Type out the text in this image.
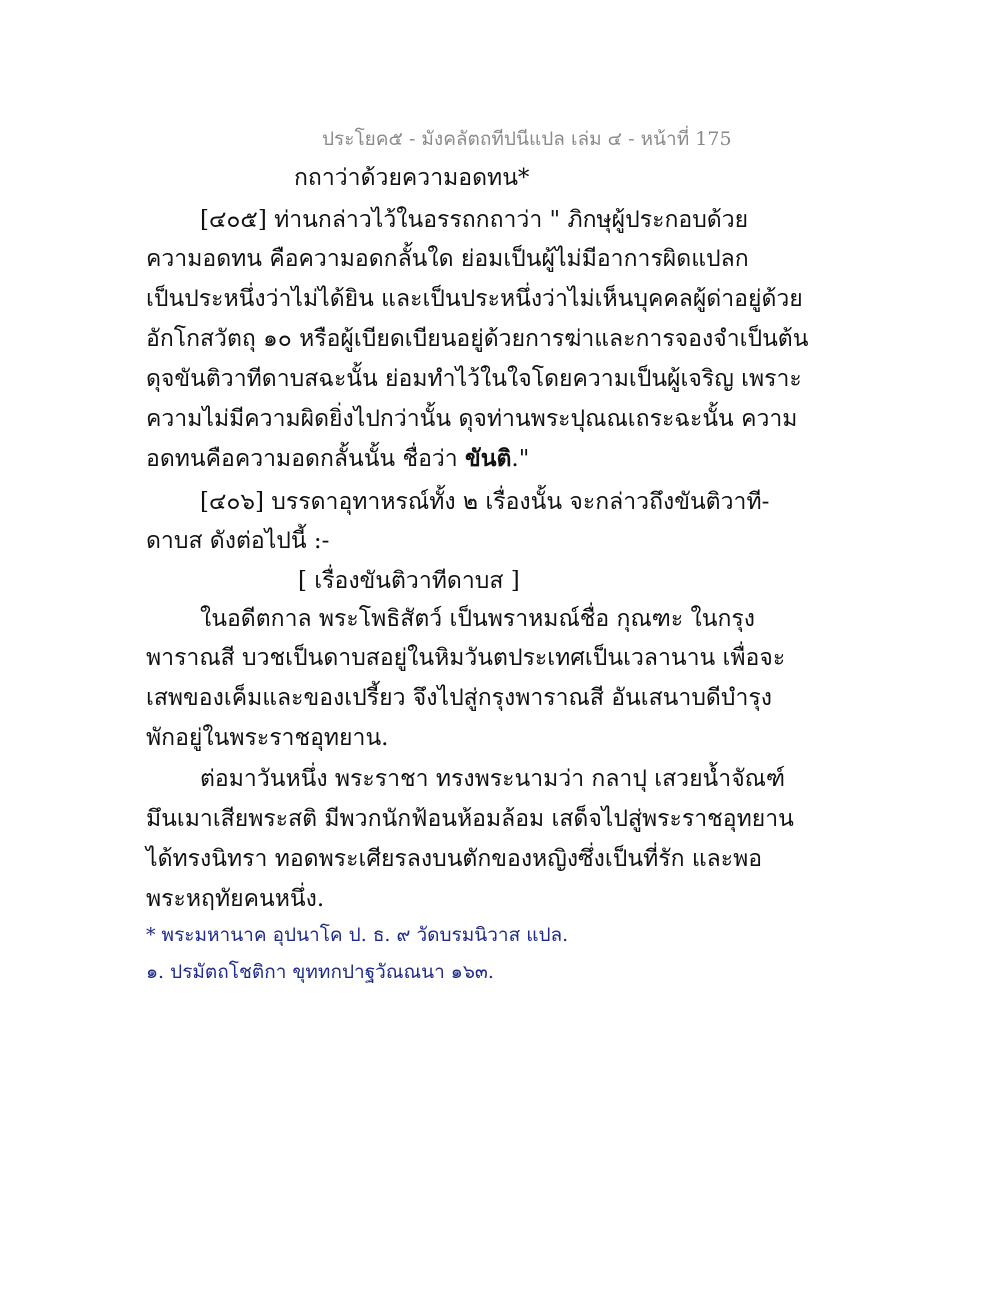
ประโยค๕ - มังคลัตถทีปนีแปล เล่ม ๔ - หน้าที่ 175
กถาว่าด้วยความอดทน*
[๔๐๕] ท่านกล่าวไว้ในอรรถกถาว่า " ภิกษุผู้ประกอบด้วย
ความอดทน คือความอดกลั้นใด ย่อมเป็นผู้ไม่มีอาการผิดแปลก
เป็นประหนึ่งว่าไม่ได้ยิน และเป็นประหนึ่งว่าไม่เห็นบุคคลผู้ด่าอยู่ด้วย
อักโกสวัตถุ ๑๐ หรือผู้เบียดเบียนอยู่ด้วยการฆ่าและการจองจำเป็นต้น
ดุจขันติวาทีดาบสฉะนั้น ย่อมทำไว้ในใจโดยความเป็นผู้เจริญ เพราะ
ความไม่มีความผิดยิ่งไปกว่านั้น ดุจท่านพระปุณณเถระฉะนั้น ความ
อดทนคือความอดกลั้นนั้น ชื่อว่า ขันติ."
[๔๐๖] บรรดาอุทาหรณ์ทั้ง ๒ เรื่องนั้น จะกล่าวถึงขันติวาที-
ดาบส ดังต่อไปนี้ :-
[ เรื่องขันติวาทีดาบส ]
ในอดีตกาล พระโพธิสัตว์ เป็นพราหมณ์ชื่อ กุณฑะ ในกรุง
พาราณสี บวชเป็นดาบสอยู่ในหิมวันตประเทศเป็นเวลานาน เพื่อจะ
เสพของเค็มและของเปรี้ยว จึงไปสู่กรุงพาราณสี อันเสนาบดีบำรุง
พักอยู่ในพระราชอุทยาน.
ต่อมาวันหนึ่ง พระราชา ทรงพระนามว่า กลาปุ เสวยน้ำจัณฑ์
มึนเมาเสียพระสติ มีพวกนักฟ้อนห้อมล้อม เสด็จไปสู่พระราชอุทยาน
ได้ทรงนิทรา ทอดพระเศียรลงบนตักของหญิงซึ่งเป็นที่รัก และพอ
พระหฤทัยคนหนึ่ง.
* พระมหานาค อุปนาโค ป. ธ. ๙ วัดบรมนิวาส แปล.
๑. ปรมัตถโชติกา ขุททกปาฐวัณณนา ๑๖๓.
